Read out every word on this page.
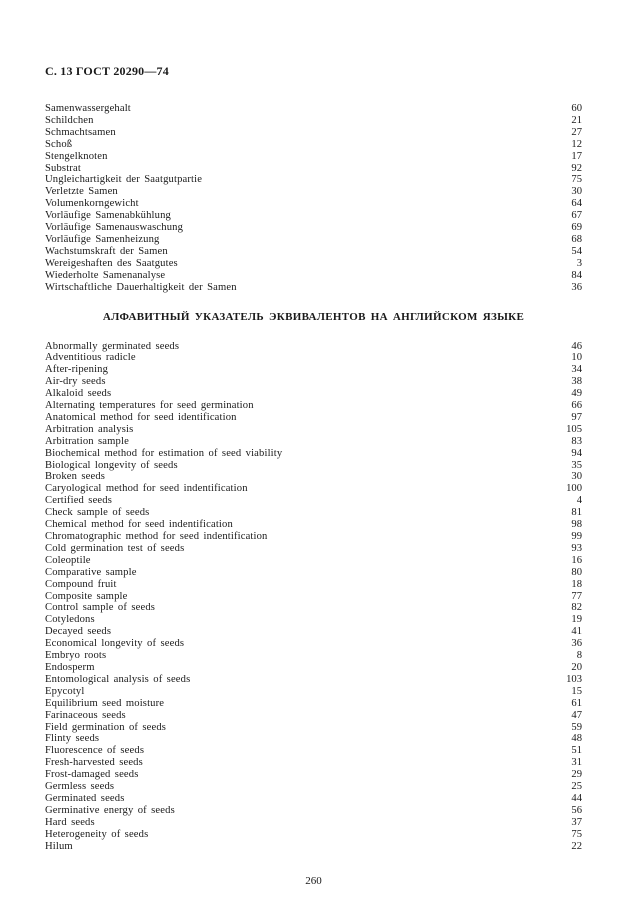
С. 13 ГОСТ 20290—74
Samenwassergehalt	60
Schildchen	21
Schmachtsamen	27
Schoß	12
Stengelknoten	17
Substrat	92
Ungleichartigkeit der Saatgutpartie	75
Verletzte Samen	30
Volumenkorngewicht	64
Vorläufige Samenabkühlung	67
Vorläufige Samenauswaschung	69
Vorläufige Samenheizung	68
Wachstumskraft der Samen	54
Wereigeshaften des Saatgutes	3
Wiederholte Samenanalyse	84
Wirtschaftliche Dauerhaltigkeit der Samen	36
АЛФАВИТНЫЙ УКАЗАТЕЛЬ ЭКВИВАЛЕНТОВ НА АНГЛИЙСКОМ ЯЗЫКЕ
Abnormally germinated seeds	46
Adventitious radicle	10
After-ripening	34
Air-dry seeds	38
Alkaloid seeds	49
Alternating temperatures for seed germination	66
Anatomical method for seed identification	97
Arbitration analysis	105
Arbitration sample	83
Biochemical method for estimation of seed viability	94
Biological longevity of seeds	35
Broken seeds	30
Caryological method for seed indentification	100
Certified seeds	4
Check sample of seeds	81
Chemical method for seed indentification	98
Chromatographic method for seed indentification	99
Cold germination test of seeds	93
Coleoptile	16
Comparative sample	80
Compound fruit	18
Composite sample	77
Control sample of seeds	82
Cotyledons	19
Decayed seeds	41
Economical longevity of seeds	36
Embryo roots	8
Endosperm	20
Entomological analysis of seeds	103
Epycotyl	15
Equilibrium seed moisture	61
Farinaceous seeds	47
Field germination of seeds	59
Flinty seeds	48
Fluorescence of seeds	51
Fresh-harvested seeds	31
Frost-damaged seeds	29
Germless seeds	25
Germinated seeds	44
Germinative energy of seeds	56
Hard seeds	37
Heterogeneity of seeds	75
Hilum	22
260
